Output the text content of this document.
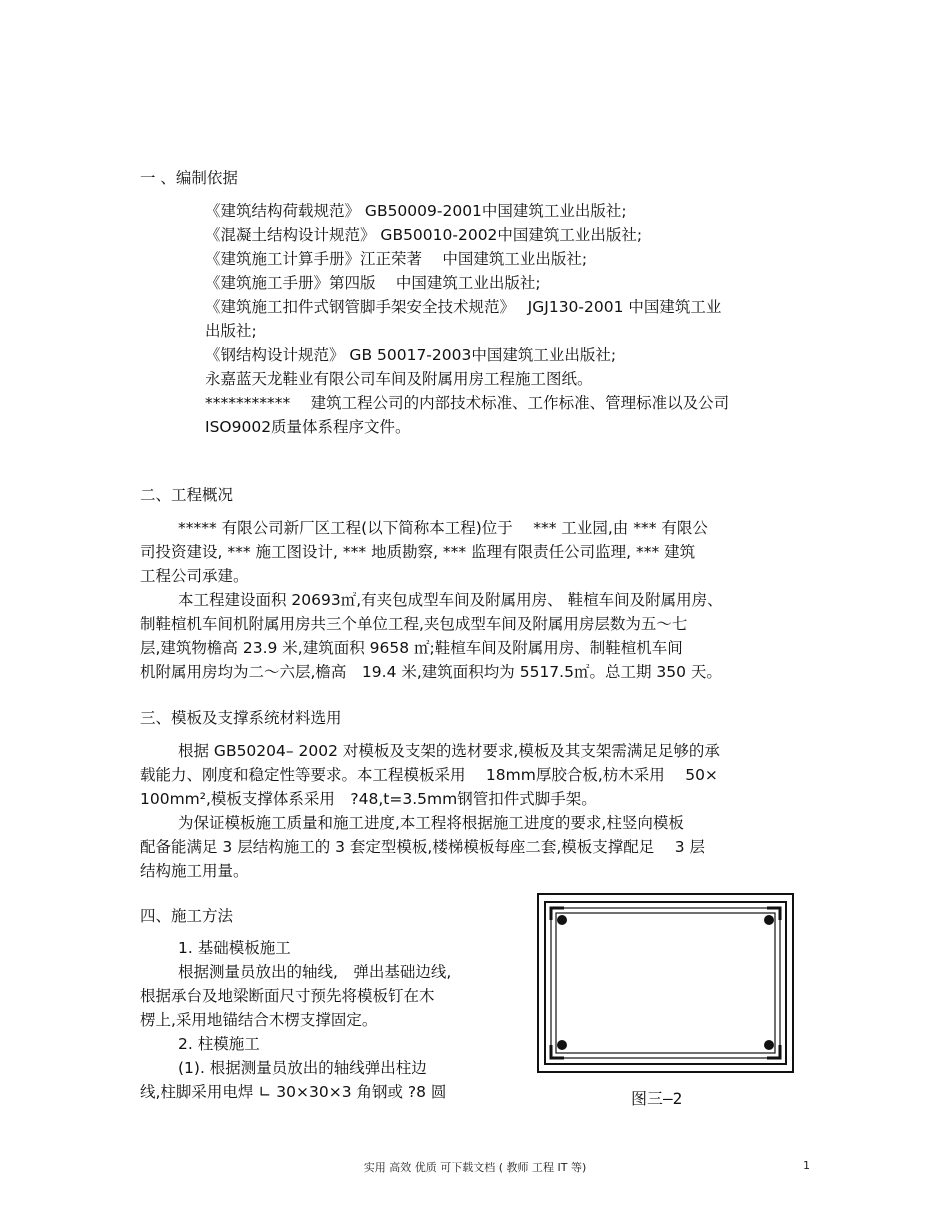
一 、编制依据
《建筑结构荷载规范》 GB50009-2001中国建筑工业出版社;
《混凝土结构设计规范》 GB50010-2002中国建筑工业出版社;
《建筑施工计算手册》江正荣著　 中国建筑工业出版社;
《建筑施工手册》第四版　 中国建筑工业出版社;
《建筑施工扣件式钢管脚手架安全技术规范》　 JGJ130-2001 中国建筑工业
出版社;
《钢结构设计规范》 GB 50017-2003中国建筑工业出版社;
永嘉蓝天龙鞋业有限公司车间及附属用房工程施工图纸。
***********　 建筑工程公司的内部技术标准、工作标准、管理标准以及公司
ISO9002质量体系程序文件。
二、工程概况
***** 有限公司新厂区工程(以下简称本工程)位于　 *** 工业园,由 *** 有限公
司投资建设, *** 施工图设计, *** 地质勘察, *** 监理有限责任公司监理, *** 建筑
工程公司承建。
本工程建设面积 20693㎡,有夹包成型车间及附属用房、 鞋楦车间及附属用房、
制鞋楦机车间机附属用房共三个单位工程,夹包成型车间及附属用房层数为五～七
层,建筑物檐高 23.9 米,建筑面积 9658 ㎡;鞋楦车间及附属用房、制鞋楦机车间
机附属用房均为二～六层,檐高　19.4 米,建筑面积均为 5517.5㎡。总工期 350 天。
三、模板及支撑系统材料选用
根据 GB50204– 2002 对模板及支架的选材要求,模板及其支架需满足足够的承
载能力、刚度和稳定性等要求。本工程模板采用　 18mm厚胶合板,枋木采用　 50×
100mm²,模板支撑体系采用　?48,t=3.5mm钢管扣件式脚手架。
为保证模板施工质量和施工进度,本工程将根据施工进度的要求,柱竖向模板
配备能满足 3 层结构施工的 3 套定型模板,楼梯模板每座二套,模板支撑配足　 3 层
结构施工用量。
四、施工方法
1. 基础模板施工
根据测量员放出的轴线,　弹出基础边线,
根据承台及地梁断面尺寸预先将模板钉在木
楞上,采用地锚结合木楞支撑固定。
2. 柱模施工
(1). 根据测量员放出的轴线弹出柱边
线,柱脚采用电焊 ∟ 30×30×3 角钢或 ?8 圆	图三—2
实用 高效 优质 可下载文档 ( 教师 工程 IT 等)	1
